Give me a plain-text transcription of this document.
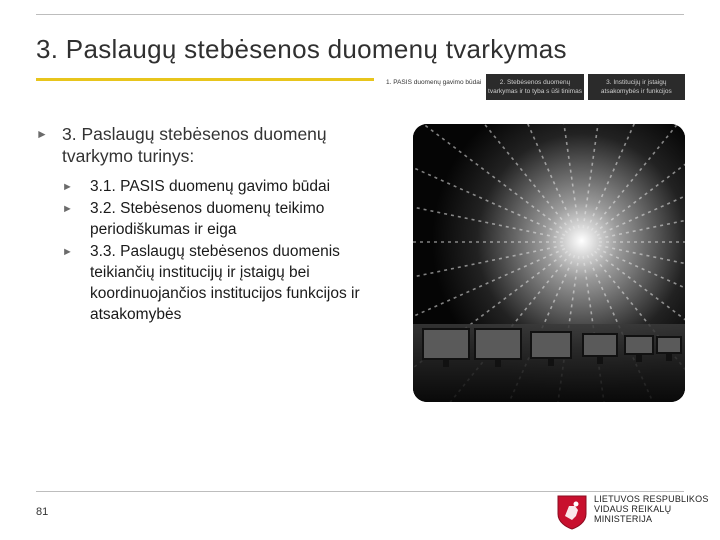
3. Paslaugų stebėsenos duomenų tvarkymas
1. PASIS duomenų gavimo būdai	2. Stebėsenos duomenų tvarkymas ir to tyba s ūši tinimas
3. Institucijų ir įstaigų atsakomybės ir funkcijos
► 3. Paslaugų stebėsenos duomenų tvarkymo turinys:
► 3.1. PASIS duomenų gavimo būdai
► 3.2. Stebėsenos duomenų teikimo periodiškumas ir eiga
► 3.3. Paslaugų stebėsenos duomenis teikiančių institucijų ir įstaigų bei koordinuojančios institucijos funkcijos ir atsakomybės
81
LIETUVOS RESPUBLIKOS
VIDAUS REIKALŲ
MINISTERIJA
